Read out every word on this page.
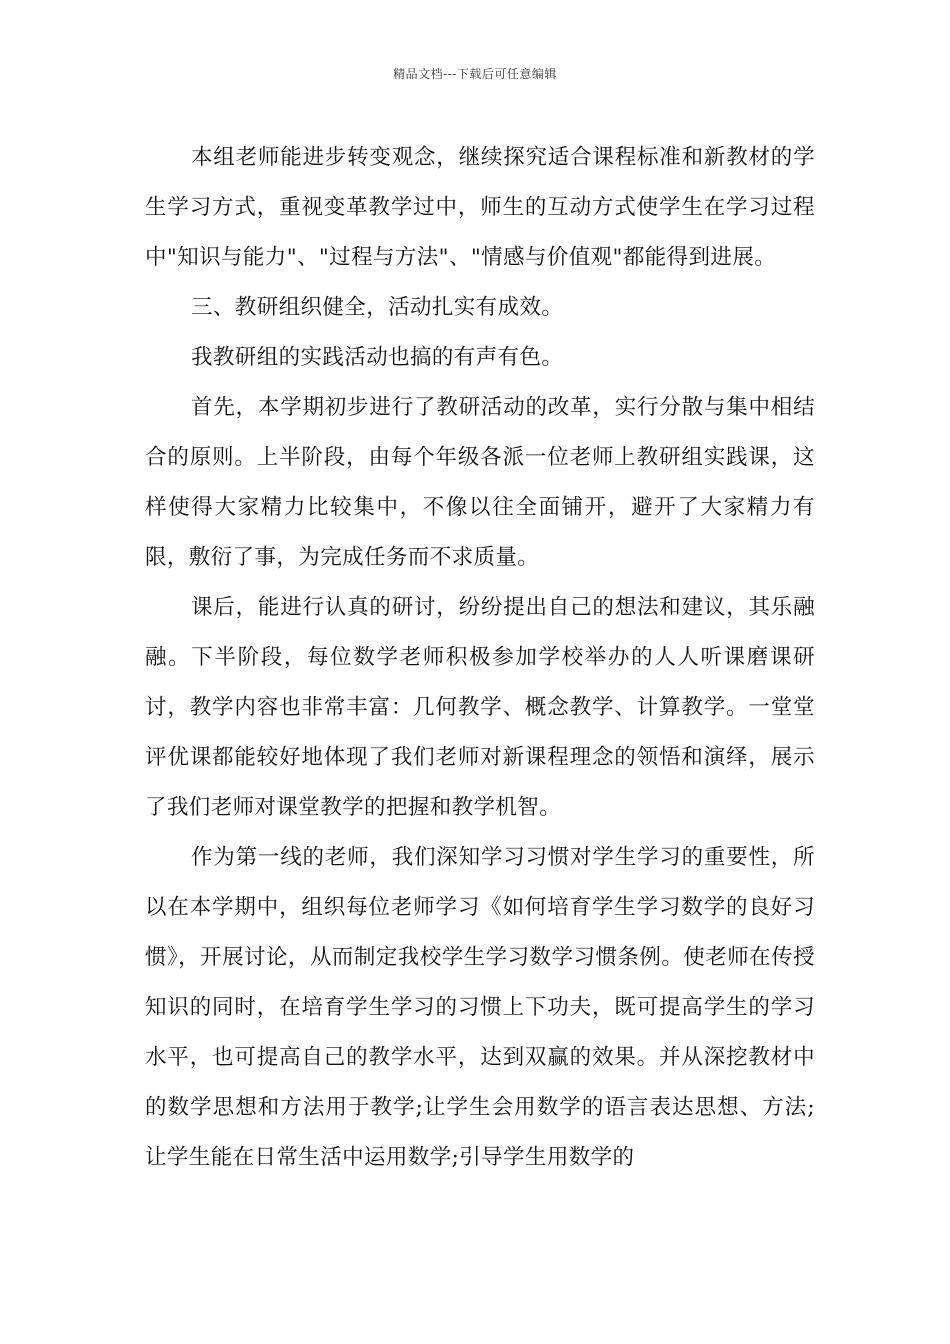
精品文档---下载后可任意编辑

本组老师能进步转变观念，继续探究适合课程标准和新教材的学生学习方式，重视变革教学过中，师生的互动方式使学生在学习过程中"知识与能力"、"过程与方法"、"情感与价值观"都能得到进展。

三、教研组织健全，活动扎实有成效。

我教研组的实践活动也搞的有声有色。

首先，本学期初步进行了教研活动的改革，实行分散与集中相结合的原则。上半阶段，由每个年级各派一位老师上教研组实践课，这样使得大家精力比较集中，不像以往全面铺开，避开了大家精力有限，敷衍了事，为完成任务而不求质量。

课后，能进行认真的研讨，纷纷提出自己的想法和建议，其乐融融。下半阶段，每位数学老师积极参加学校举办的人人听课磨课研讨，教学内容也非常丰富：几何教学、概念教学、计算教学。一堂堂评优课都能较好地体现了我们老师对新课程理念的领悟和演绎，展示了我们老师对课堂教学的把握和教学机智。

作为第一线的老师，我们深知学习习惯对学生学习的重要性，所以在本学期中，组织每位老师学习《如何培育学生学习数学的良好习惯》，开展讨论，从而制定我校学生学习数学习惯条例。使老师在传授知识的同时，在培育学生学习的习惯上下功夫，既可提高学生的学习水平，也可提高自己的教学水平，达到双赢的效果。并从深挖教材中的数学思想和方法用于教学;让学生会用数学的语言表达思想、方法;让学生能在日常生活中运用数学;引导学生用数学的
